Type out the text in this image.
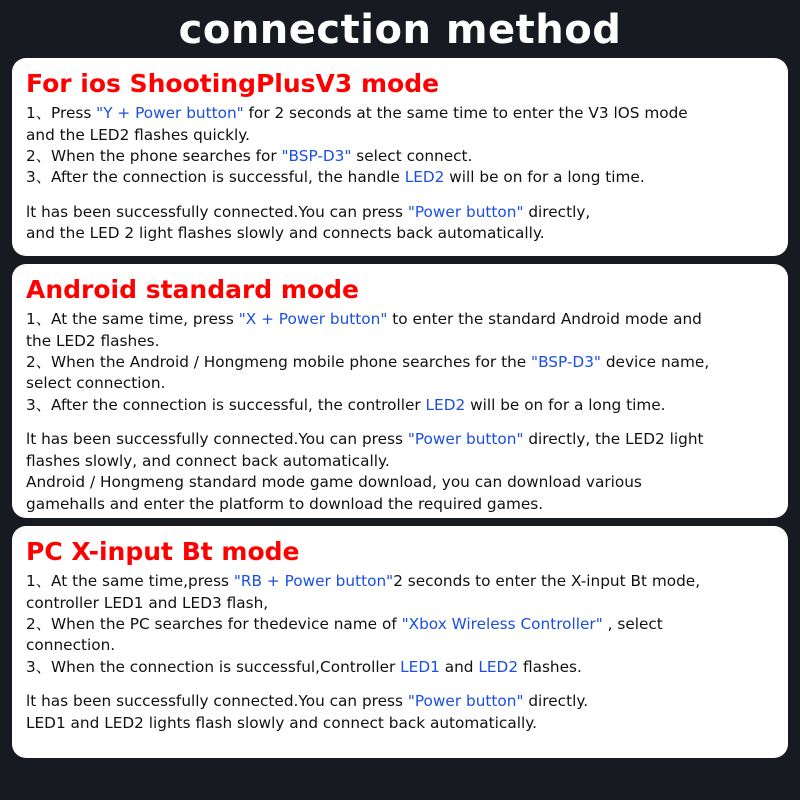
connection method
For ios ShootingPlusV3 mode
1、Press "Y + Power button" for 2 seconds at the same time to enter the V3 lOS mode
and the LED2 flashes quickly.
2、When the phone searches for "BSP-D3" select connect.
3、After the connection is successful, the handle LED2 will be on for a long time.
lt has been successfully connected.You can press "Power button" directly,
and the LED 2 light flashes slowly and connects back automatically.
Android standard mode
1、At the same time, press "X + Power button" to enter the standard Android mode and
the LED2 flashes.
2、When the Android / Hongmeng mobile phone searches for the "BSP-D3" device name,
select connection.
3、After the connection is successful, the controller LED2 will be on for a long time.
lt has been successfully connected.You can press "Power button" directly, the LED2 light
flashes slowly, and connect back automatically.
Android / Hongmeng standard mode game download, you can download various
gamehalls and enter the platform to download the required games.
PC X-input Bt mode
1、At the same time,press "RB + Power button"2 seconds to enter the X-input Bt mode,
controller LED1 and LED3 flash,
2、When the PC searches for thedevice name of "Xbox Wireless Controller" , select
connection.
3、When the connection is successful,Controller LED1 and LED2 flashes.
lt has been successfully connected.You can press "Power button" directly.
LED1 and LED2 lights flash slowly and connect back automatically.
